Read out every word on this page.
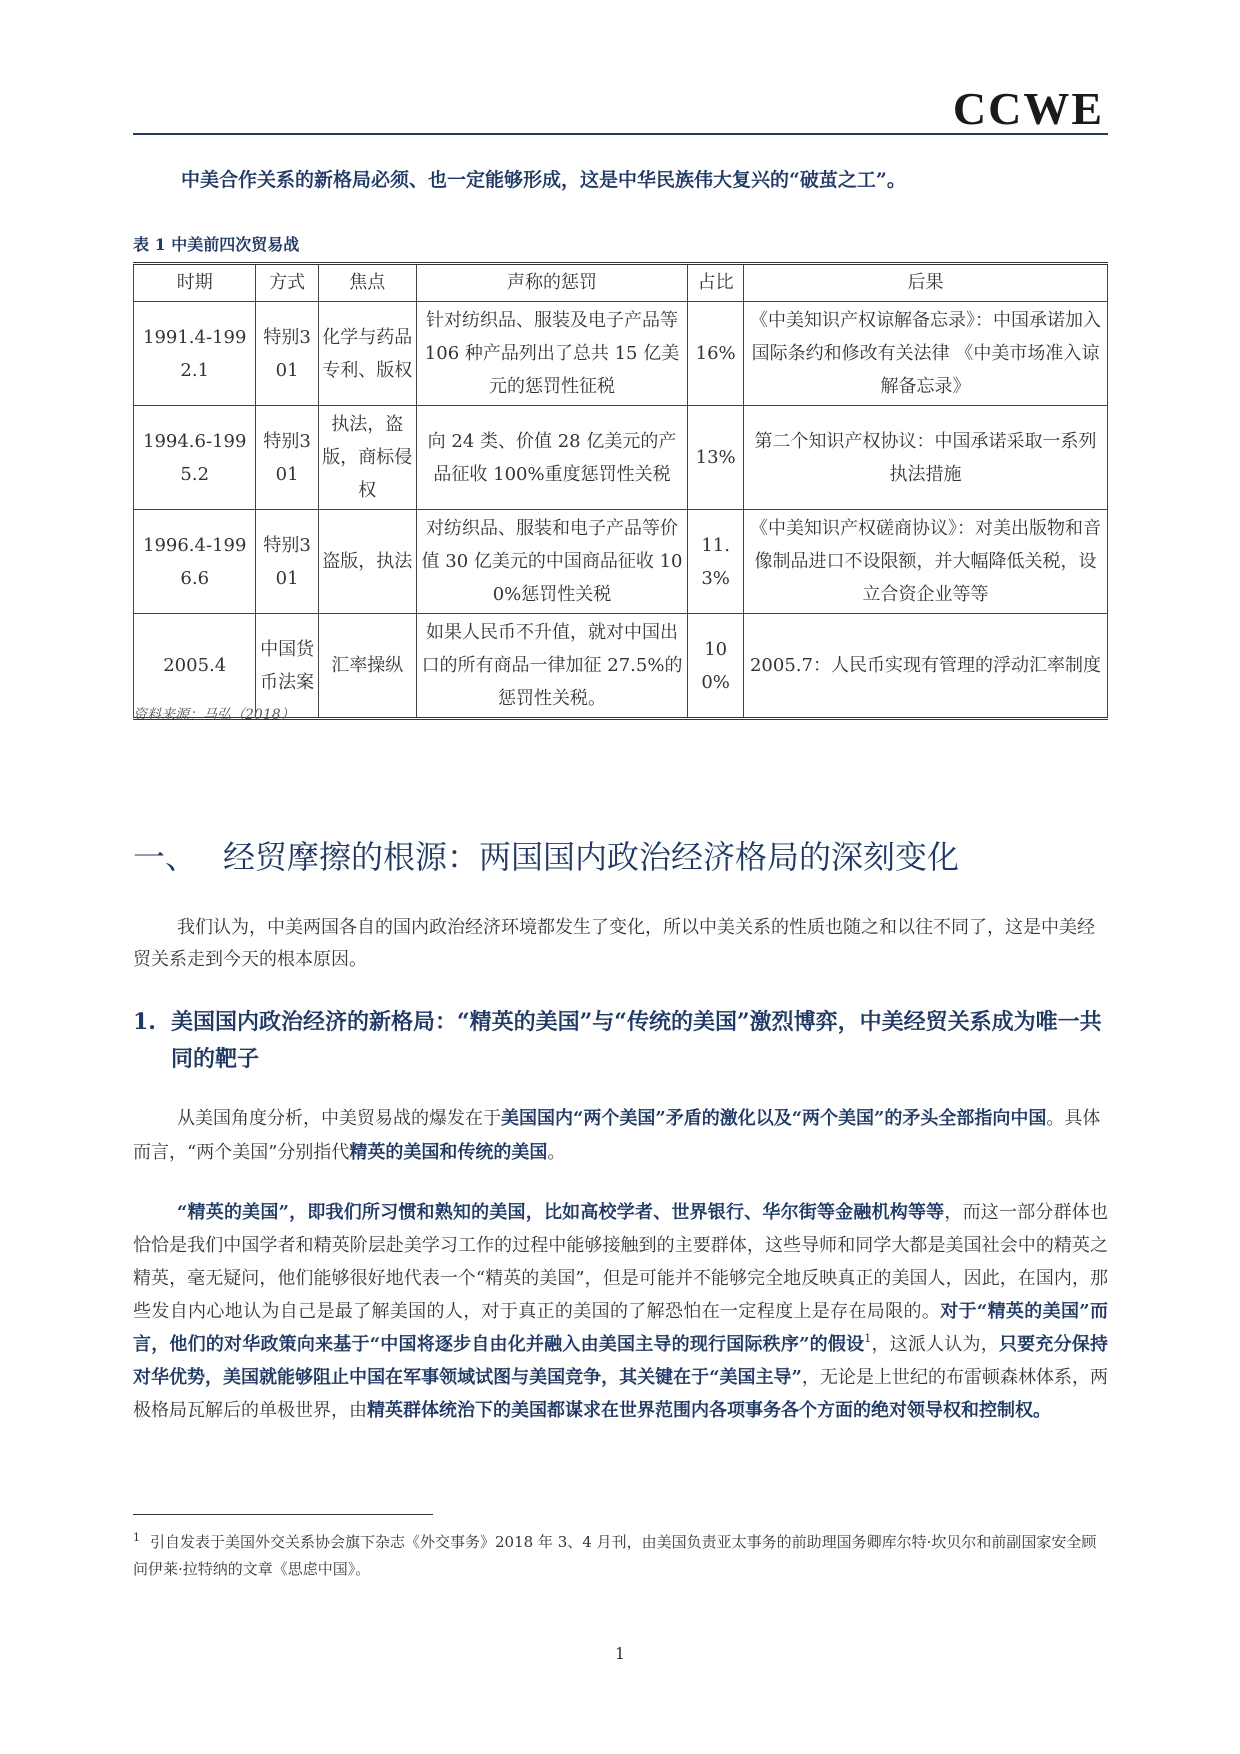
CCWE
中美合作关系的新格局必须、也一定能够形成，这是中华民族伟大复兴的“破茧之工”。
表 1 中美前四次贸易战
时期	方式	焦点	声称的惩罚	占比	后果
1991.4-1992.1	特别301	化学与药品专利、版权	针对纺织品、服装及电子产品等 106 种产品列出了总共 15 亿美元的惩罚性征税	16%	《中美知识产权谅解备忘录》：中国承诺加入国际条约和修改有关法律 《中美市场准入谅解备忘录》
1994.6-1995.2	特别301	执法，盗版，商标侵权	向 24 类、价值 28 亿美元的产品征收 100%重度惩罚性关税	13%	第二个知识产权协议：中国承诺采取一系列执法措施
1996.4-1996.6	特别301	盗版，执法	对纺织品、服装和电子产品等价值 30 亿美元的中国商品征收 100%惩罚性关税	11.3%	《中美知识产权磋商协议》：对美出版物和音像制品进口不设限额，并大幅降低关税，设立合资企业等等
2005.4	中国货币法案	汇率操纵	如果人民币不升值，就对中国出口的所有商品一律加征 27.5%的惩罚性关税。	100%	2005.7：人民币实现有管理的浮动汇率制度
资料来源：马弘（2018）
一、 经贸摩擦的根源：两国国内政治经济格局的深刻变化

我们认为，中美两国各自的国内政治经济环境都发生了变化，所以中美关系的性质也随之和以往不同了，这是中美经贸关系走到今天的根本原因。

1. 美国国内政治经济的新格局：“精英的美国”与“传统的美国”激烈博弈，中美经贸关系成为唯一共同的靶子

从美国角度分析，中美贸易战的爆发在于美国国内“两个美国”矛盾的激化以及“两个美国”的矛头全部指向中国。具体而言，“两个美国”分别指代精英的美国和传统的美国。

“精英的美国”，即我们所习惯和熟知的美国，比如高校学者、世界银行、华尔街等金融机构等等，而这一部分群体也恰恰是我们中国学者和精英阶层赴美学习工作的过程中能够接触到的主要群体，这些导师和同学大都是美国社会中的精英之精英，毫无疑问，他们能够很好地代表一个“精英的美国”，但是可能并不能够完全地反映真正的美国人，因此，在国内，那些发自内心地认为自己是最了解美国的人，对于真正的美国的了解恐怕在一定程度上是存在局限的。对于“精英的美国”而言，他们的对华政策向来基于“中国将逐步自由化并融入由美国主导的现行国际秩序”的假设$^1$，这派人认为，只要充分保持对华优势，美国就能够阻止中国在军事领域试图与美国竞争，其关键在于“美国主导”，无论是上世纪的布雷顿森林体系，两极格局瓦解后的单极世界，由精英群体统治下的美国都谋求在世界范围内各项事务各个方面的绝对领导权和控制权。

$^1$ 引自发表于美国外交关系协会旗下杂志《外交事务》2018 年 3、4 月刊，由美国负责亚太事务的前助理国务卿库尔特·坎贝尔和前副国家安全顾问伊莱·拉特纳的文章《思虑中国》。
1
